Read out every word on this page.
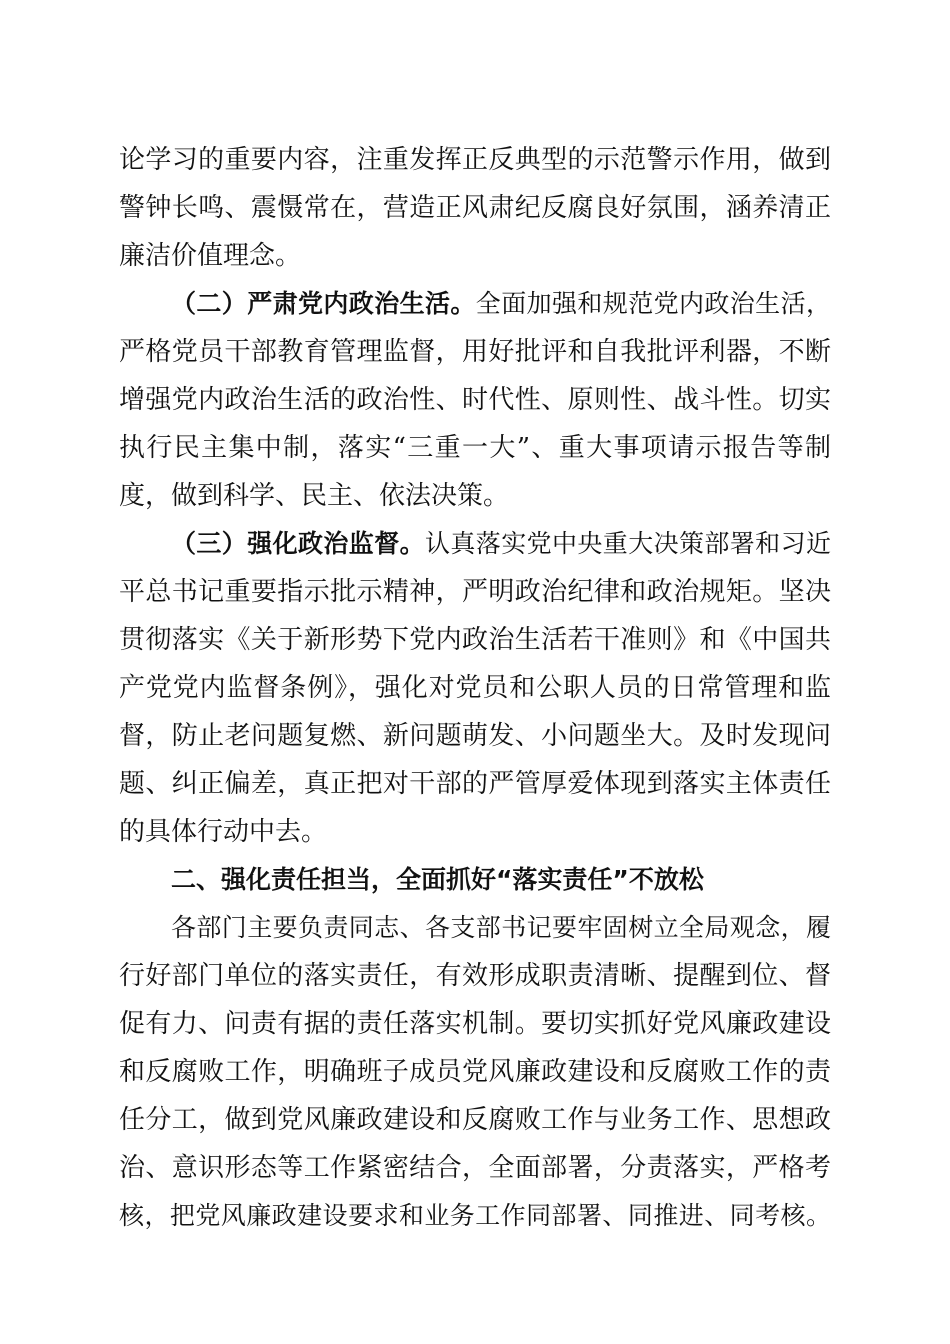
论学习的重要内容，注重发挥正反典型的示范警示作用，做到
警钟长鸣、震慑常在，营造正风肃纪反腐良好氛围，涵养清正
廉洁价值理念。
（二）严肃党内政治生活。全面加强和规范党内政治生活，
严格党员干部教育管理监督，用好批评和自我批评利器，不断
增强党内政治生活的政治性、时代性、原则性、战斗性。切实
执行民主集中制，落实“三重一大”、重大事项请示报告等制
度，做到科学、民主、依法决策。
（三）强化政治监督。认真落实党中央重大决策部署和习近
平总书记重要指示批示精神，严明政治纪律和政治规矩。坚决
贯彻落实《关于新形势下党内政治生活若干准则》和《中国共
产党党内监督条例》，强化对党员和公职人员的日常管理和监
督，防止老问题复燃、新问题萌发、小问题坐大。及时发现问
题、纠正偏差，真正把对干部的严管厚爱体现到落实主体责任
的具体行动中去。
二、强化责任担当，全面抓好“落实责任”不放松
各部门主要负责同志、各支部书记要牢固树立全局观念，履
行好部门单位的落实责任，有效形成职责清晰、提醒到位、督
促有力、问责有据的责任落实机制。要切实抓好党风廉政建设
和反腐败工作，明确班子成员党风廉政建设和反腐败工作的责
任分工，做到党风廉政建设和反腐败工作与业务工作、思想政
治、意识形态等工作紧密结合，全面部署，分责落实，严格考
核，把党风廉政建设要求和业务工作同部署、同推进、同考核。
